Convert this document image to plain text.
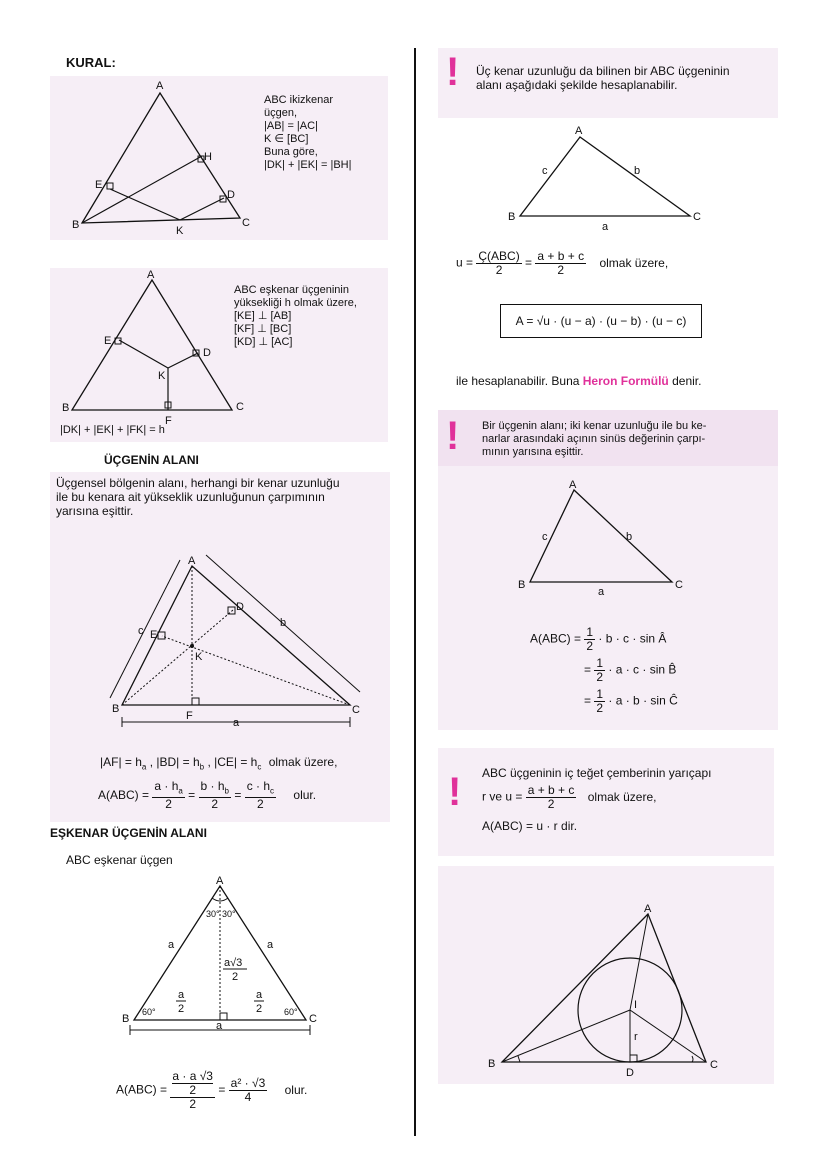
KURAL:
A
B	C
D
E
H
K
ABC ikizkenar
üçgen,
|AB| = |AC|
K ∈ [BC]
Buna göre,
|DK| + |EK| = |BH|
A
B	C
D
E
F
K
ABC eşkenar üçgeninin
yüksekliği h olmak üzere,
[KE] ⊥ [AB]
[KF] ⊥ [BC]
[KD] ⊥ [AC]
|DK| + |EK| + |FK| = h
ÜÇGENİN ALANI
Üçgensel bölgenin alanı, herhangi bir kenar uzunluğu
ile bu kenara ait yükseklik uzunluğunun çarpımının
yarısına eşittir.
A
B	C
D
E
F
K
a
b
c
$|AF| = h_a$ , $|BD| = h_b$ , $|CE| = h_c$ olmak üzere,
$A(ABC) = \frac{a \cdot h_a}{2} = \frac{b \cdot h_b}{2} = \frac{c \cdot h_c}{2}$ olur.
EŞKENAR ÜÇGENİN ALANI
ABC eşkenar üçgen
A
B	C
30° 30°
60°	60°
a	a
a
a√3
2
a
2
a
2
A(ABC) = a · a √3
2
$2 = \frac{\text{a² · √3}}{4}$ olur.
! Üç kenar uzunluğu da bilinen bir ABC üçgeninin
alanı aşağıdaki şekilde hesaplanabilir.
A
B	C
a
b
c
$u = \frac{\text{Ç(ABC)}}{2} = \frac{a + b + c}{2}$ olmak üzere,
A = √u · (u − a) · (u − b) · (u − c)
ile hesaplanabilir. Buna Heron Formülü denir.
! Bir üçgenin alanı; iki kenar uzunluğu ile bu ke-
narlar arasındaki açının sinüs değerinin çarpı-
mının yarısına eşittir.
A
B	C
a
b
c
$A(ABC) = \frac{1}{2} \cdot b \cdot c \cdot \sin$ Â
= $\frac{1}{2} \cdot a \cdot c \cdot \sin$ B̂
= $\frac{1}{2} \cdot a \cdot b \cdot \sin$ Ĉ
! ABC üçgeninin iç teğet çemberinin yarıçapı
r ve $u = \frac{a + b + c}{2}$ olmak üzere,
A(ABC) = u · r dir.
A
B	C
D
I
r
